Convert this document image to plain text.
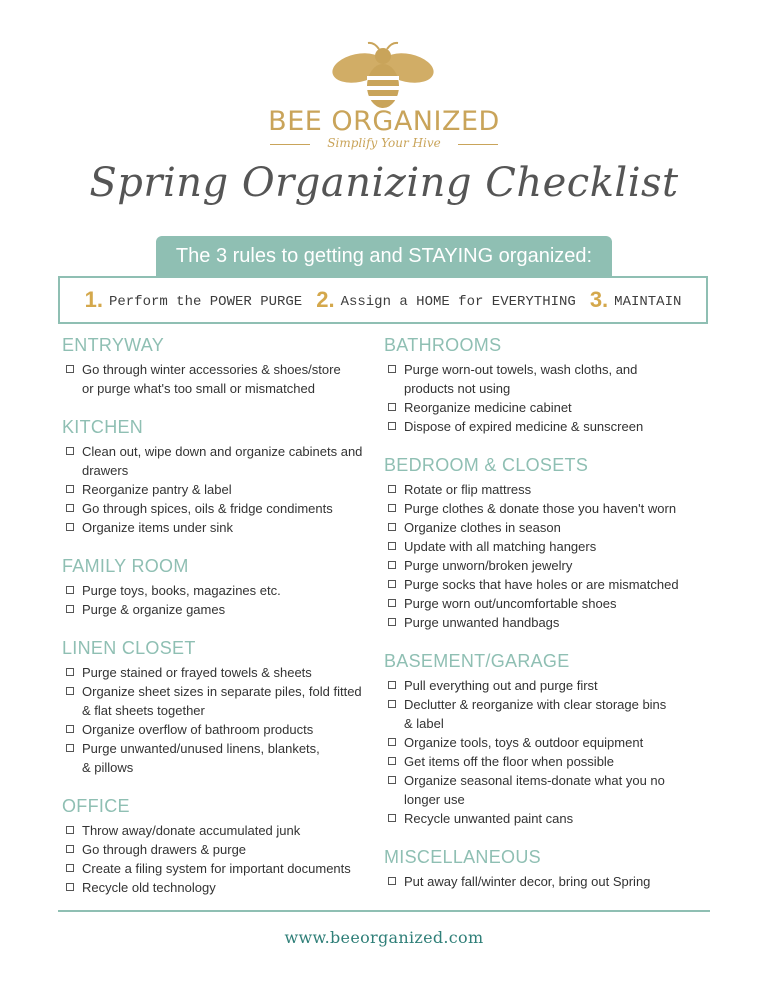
BEE ORGANIZED
Simplify Your Hive
Spring Organizing Checklist
The 3 rules to getting and STAYING organized:
1. Perform the POWER PURGE 2. Assign a HOME for EVERYTHING 3. MAINTAIN
ENTRYWAY
Go through winter accessories & shoes/store
or purge what's too small or mismatched
KITCHEN
Clean out, wipe down and organize cabinets and
drawers
Reorganize pantry & label
Go through spices, oils & fridge condiments
Organize items under sink
FAMILY ROOM
Purge toys, books, magazines etc.
Purge & organize games
LINEN CLOSET
Purge stained or frayed towels & sheets
Organize sheet sizes in separate piles, fold fitted
& flat sheets together
Organize overflow of bathroom products
Purge unwanted/unused linens, blankets,
& pillows
OFFICE
Throw away/donate accumulated junk
Go through drawers & purge
Create a filing system for important documents
Recycle old technology
BATHROOMS
Purge worn-out towels, wash cloths, and
products not using
Reorganize medicine cabinet
Dispose of expired medicine & sunscreen
BEDROOM & CLOSETS
Rotate or flip mattress
Purge clothes & donate those you haven't worn
Organize clothes in season
Update with all matching hangers
Purge unworn/broken jewelry
Purge socks that have holes or are mismatched
Purge worn out/uncomfortable shoes
Purge unwanted handbags
BASEMENT/GARAGE
Pull everything out and purge first
Declutter & reorganize with clear storage bins
& label
Organize tools, toys & outdoor equipment
Get items off the floor when possible
Organize seasonal items-donate what you no
longer use
Recycle unwanted paint cans
MISCELLANEOUS
Put away fall/winter decor, bring out Spring
www.beeorganized.com
